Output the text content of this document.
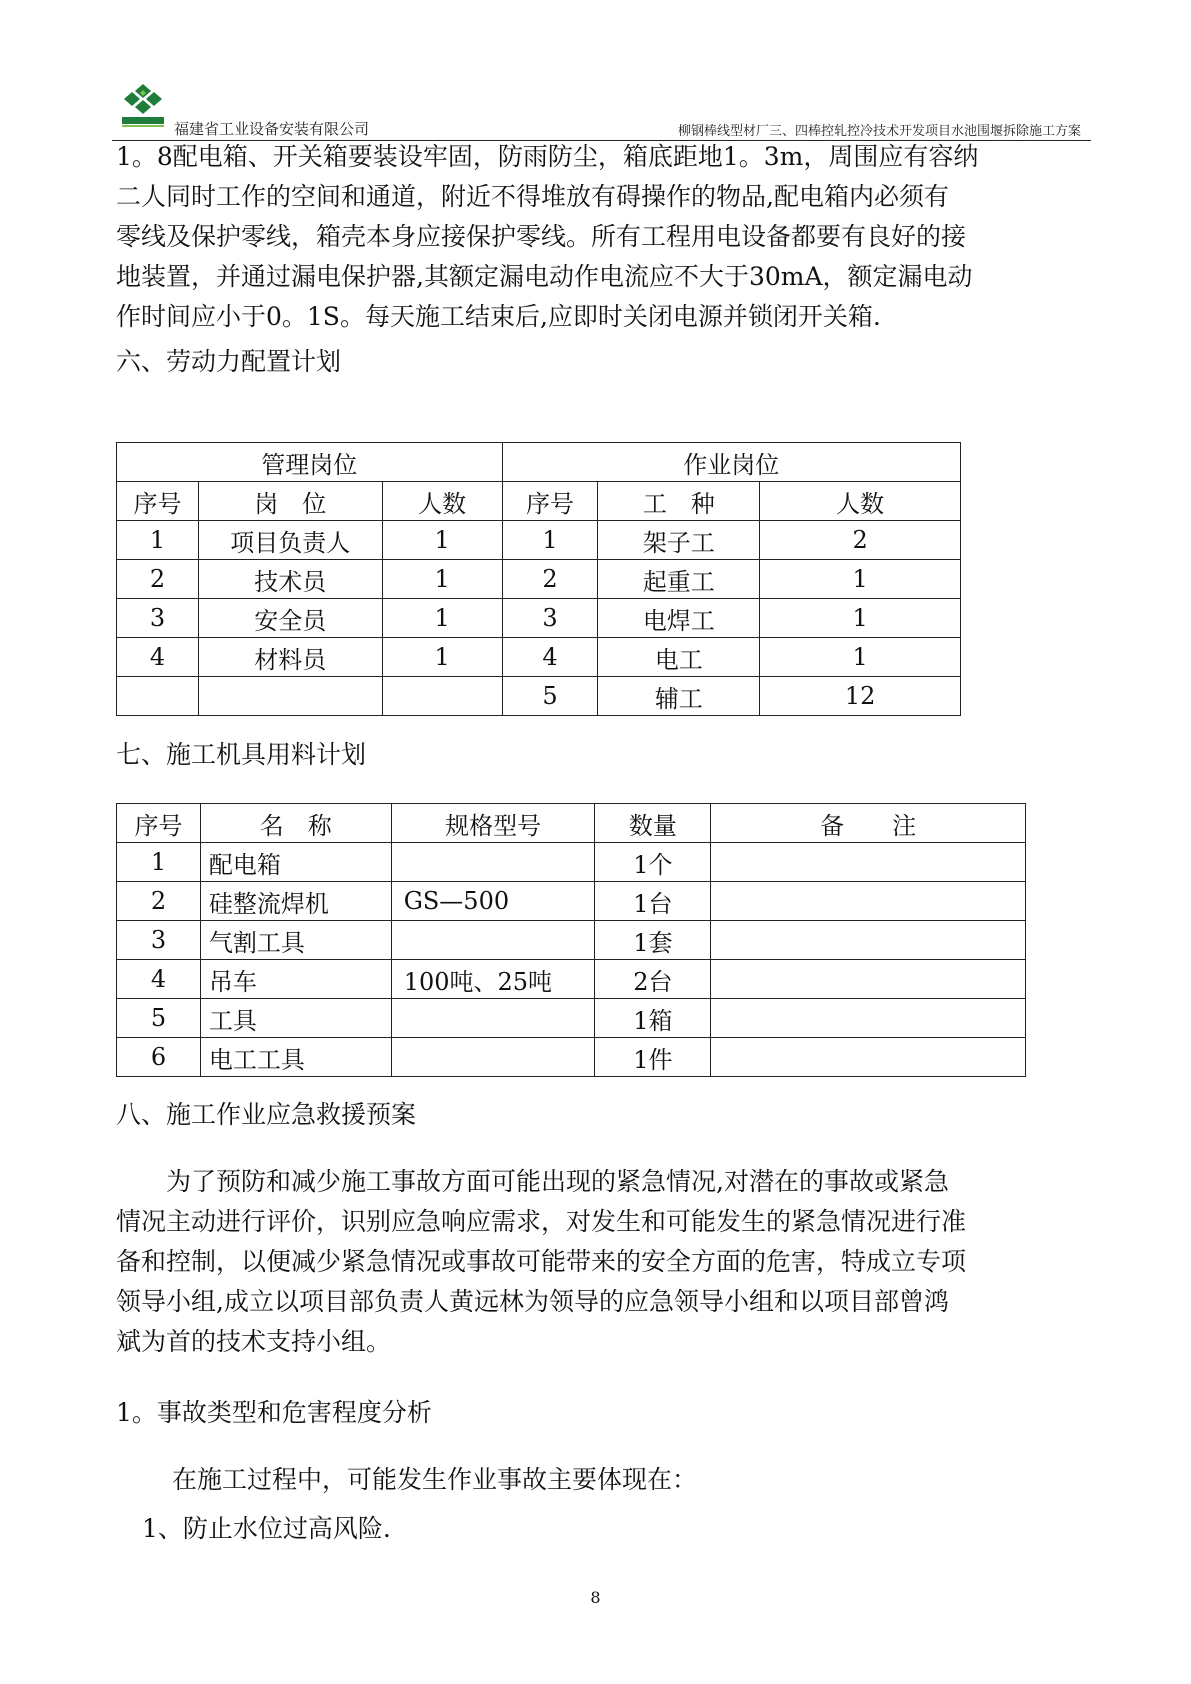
福建省工业设备安装有限公司	柳钢棒线型材厂三、四棒控轧控冷技术开发项目水池围堰拆除施工方案
1。8配电箱、开关箱要装设牢固，防雨防尘，箱底距地1。3m，周围应有容纳
二人同时工作的空间和通道，附近不得堆放有碍操作的物品,配电箱内必须有
零线及保护零线，箱壳本身应接保护零线。所有工程用电设备都要有良好的接
地装置，并通过漏电保护器,其额定漏电动作电流应不大于30mA，额定漏电动
作时间应小于0。1S。每天施工结束后,应即时关闭电源并锁闭开关箱.
六、劳动力配置计划
管理岗位			作业岗位		
序号	岗　位	人数	序号	工　种	人数
1	项目负责人	1	1	架子工	2
2	技术员	1	2	起重工	1
3	安全员	1	3	电焊工	1
4	材料员	1	4	电工	1
			5	辅工	12
七、施工机具用料计划
序号	名　称	规格型号	数量	备　　注
1	配电箱		1个	
2	硅整流焊机	GS—500	1台	
3	气割工具		1套	
4	吊车	100吨、25吨	2台	
5	工具		1箱	
6	电工工具		1件	
八、施工作业应急救援预案
　　为了预防和减少施工事故方面可能出现的紧急情况,对潜在的事故或紧急
情况主动进行评价，识别应急响应需求，对发生和可能发生的紧急情况进行准
备和控制，以便减少紧急情况或事故可能带来的安全方面的危害，特成立专项
领导小组,成立以项目部负责人黄远林为领导的应急领导小组和以项目部曾鸿
斌为首的技术支持小组。
1。事故类型和危害程度分析
在施工过程中，可能发生作业事故主要体现在：
1、防止水位过高风险.
8
